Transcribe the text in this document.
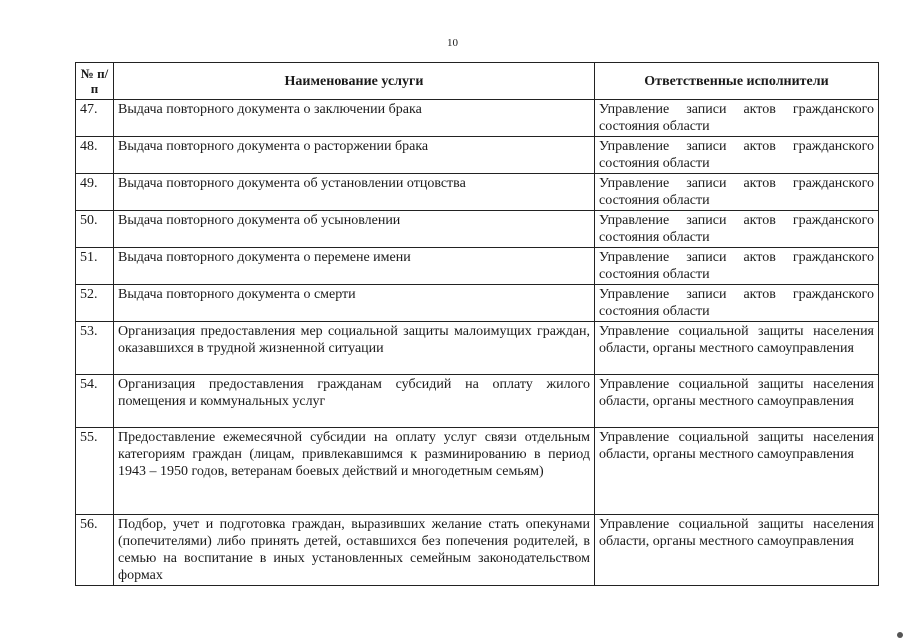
10
№ п/п	Наименование услуги	Ответственные исполнители
47.	Выдача повторного документа о заключении брака	Управление записи актов гражданского состояния области
48.	Выдача повторного документа о расторжении брака	Управление записи актов гражданского состояния области
49.	Выдача повторного документа об установлении отцовства	Управление записи актов гражданского состояния области
50.	Выдача повторного документа об усыновлении	Управление записи актов гражданского состояния области
51.	Выдача повторного документа о перемене имени	Управление записи актов гражданского состояния области
52.	Выдача повторного документа о смерти	Управление записи актов гражданского состояния области
53.	Организация предоставления мер социальной защиты малоимущих граждан, оказавшихся в трудной жизненной ситуации	Управление социальной защиты населения области, органы местного самоуправления
54.	Организация предоставления гражданам субсидий на оплату жилого помещения и коммунальных услуг	Управление социальной защиты населения области, органы местного самоуправления
55.	Предоставление ежемесячной субсидии на оплату услуг связи отдельным категориям граждан (лицам, привлекавшимся к разминированию в период 1943 – 1950 годов, ветеранам боевых действий и многодетным семьям)	Управление социальной защиты населения области, органы местного самоуправления
56.	Подбор, учет и подготовка граждан, выразивших желание стать опекунами (попечителями) либо принять детей, оставшихся без попечения родителей, в семью на воспитание в иных установленных семейным законодательством формах	Управление социальной защиты населения области, органы местного самоуправления
